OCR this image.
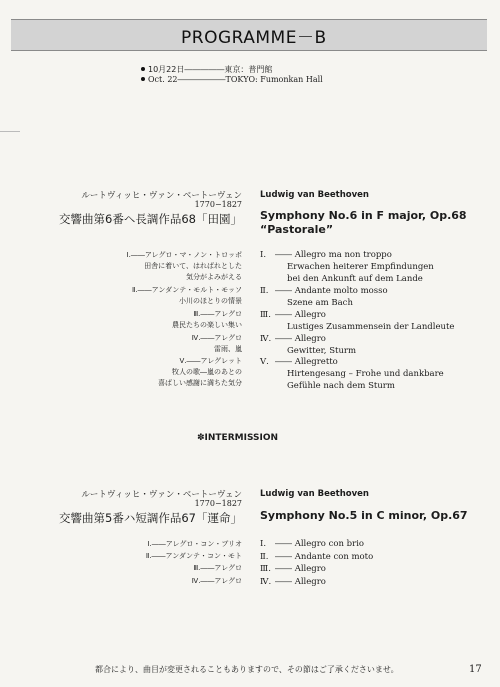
PROGRAMME－B
10月22日―――――東京：普門館
Oct. 22――――――TOKYO: Fumonkan Hall
ルートヴィッヒ・ヴァン・ベートーヴェン
1770−1827
交響曲第6番ヘ長調作品68「田園」
Ludwig van Beethoven
Symphony No.6 in F major, Op.68
“Pastorale”
Ⅰ.――アレグロ・マ・ノン・トロッポ
田舎に着いて、はればれとした
気分がよみがえる
Ⅱ.――アンダンテ・モルト・モッソ
小川のほとりの情景
Ⅲ.――アレグロ
農民たちの楽しい集い
Ⅳ.――アレグロ
雷雨、嵐
Ⅴ.――アレグレット
牧人の歌―嵐のあとの
喜ばしい感謝に満ちた気分
Ⅰ. ―― Allegro ma non troppo
Erwachen heiterer Empfindungen
bei den Ankunft auf dem Lande
Ⅱ. ―― Andante molto mosso
Szene am Bach
Ⅲ. ―― Allegro
Lustiges Zusammensein der Landleute
Ⅳ. ―― Allegro
Gewitter, Sturm
Ⅴ. ―― Allegretto
Hirtengesang – Frohe und dankbare
Gefühle nach dem Sturm
✽INTERMISSION
ルートヴィッヒ・ヴァン・ベートーヴェン
1770−1827
交響曲第5番ハ短調作品67「運命」
Ludwig van Beethoven
Symphony No.5 in C minor, Op.67
Ⅰ.――アレグロ・コン・ブリオ
Ⅱ.――アンダンテ・コン・モト
Ⅲ.――アレグロ
Ⅳ.――アレグロ
Ⅰ. ―― Allegro con brio
Ⅱ. ―― Andante con moto
Ⅲ. ―― Allegro
Ⅳ. ―― Allegro
都合により、曲目が変更されることもありますので、その節はご了承くださいませ。	17
